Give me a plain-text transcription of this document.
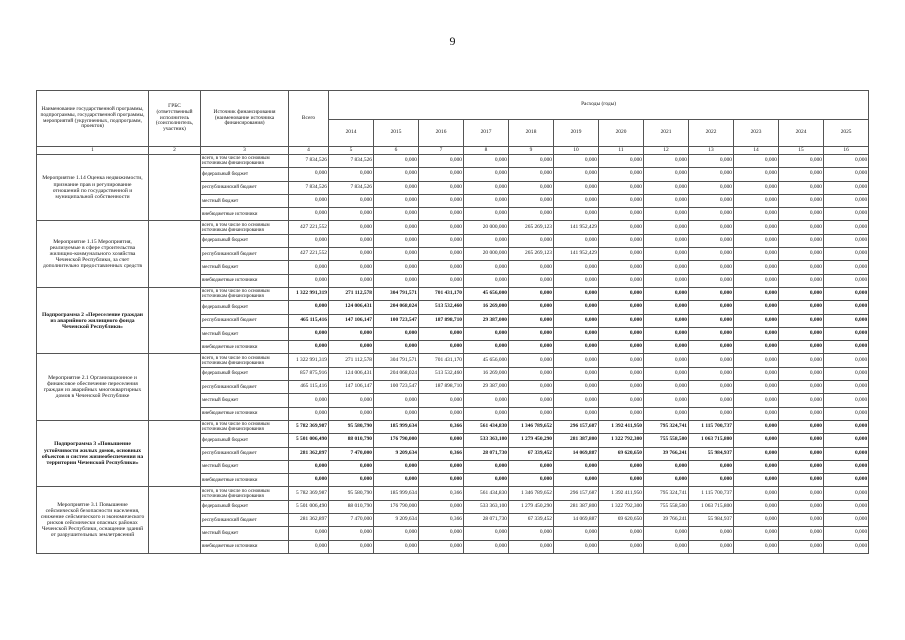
9
Наименование государственной программы, подпрограммы, государственной программы, мероприятий (укрупненных, подпрограмм, проектов)	ГРБС (ответственный исполнитель (соисполнитель, участник)	Источник финансирования (наименование источника финансирования)	Всего	Расходы (годы)											
				2014	2015	2016	2017	2018	2019	2020	2021	2022	2023	2024	2025
1	2	3	4	5	6	7	8	9	10	11	12	13	14	15	16
Мероприятие 1.14 Оценка недвижимости, признание прав и регулирование отношений по государственной и муниципальной собственности		всего, в том числе по основным источникам финансирования	7 834,526	7 834,526	0,000	0,000	0,000	0,000	0,000	0,000	0,000	0,000	0,000	0,000	0,000
		федеральный бюджет	0,000	0,000	0,000	0,000	0,000	0,000	0,000	0,000	0,000	0,000	0,000	0,000	0,000
		республиканский бюджет	7 834,526	7 834,526	0,000	0,000	0,000	0,000	0,000	0,000	0,000	0,000	0,000	0,000	0,000
		местный бюджет	0,000	0,000	0,000	0,000	0,000	0,000	0,000	0,000	0,000	0,000	0,000	0,000	0,000
		внебюджетные источники	0,000	0,000	0,000	0,000	0,000	0,000	0,000	0,000	0,000	0,000	0,000	0,000	0,000
Мероприятие 1.15 Мероприятия, реализуемые в сфере строительства жилищно-коммунального хозяйства Чеченской Республики, за счет дополнительно предоставленных средств		всего, в том числе по основным источникам финансирования	427 221,552	0,000	0,000	0,000	20 000,000	265 269,123	141 952,429	0,000	0,000	0,000	0,000	0,000	0,000
		федеральный бюджет	0,000	0,000	0,000	0,000	0,000	0,000	0,000	0,000	0,000	0,000	0,000	0,000	0,000
		республиканский бюджет	427 221,552	0,000	0,000	0,000	20 000,000	265 269,123	141 952,429	0,000	0,000	0,000	0,000	0,000	0,000
		местный бюджет	0,000	0,000	0,000	0,000	0,000	0,000	0,000	0,000	0,000	0,000	0,000	0,000	0,000
		внебюджетные источники	0,000	0,000	0,000	0,000	0,000	0,000	0,000	0,000	0,000	0,000	0,000	0,000	0,000
Подпрограмма 2 «Переселение граждан из аварийного жилищного фонда Чеченской Республики»		всего, в том числе по основным источникам финансирования	1 322 991,319	271 112,578	304 791,571	701 431,170	45 656,000	0,000	0,000	0,000	0,000	0,000	0,000	0,000	0,000
		федеральный бюджет	0,000	124 006,431	204 068,024	513 532,460	16 269,000	0,000	0,000	0,000	0,000	0,000	0,000	0,000	0,000
		республиканский бюджет	465 115,416	147 106,147	100 723,547	187 898,710	29 387,000	0,000	0,000	0,000	0,000	0,000	0,000	0,000	0,000
		местный бюджет	0,000	0,000	0,000	0,000	0,000	0,000	0,000	0,000	0,000	0,000	0,000	0,000	0,000
		внебюджетные источники	0,000	0,000	0,000	0,000	0,000	0,000	0,000	0,000	0,000	0,000	0,000	0,000	0,000
Мероприятие 2.1 Организационное и финансовое обеспечение переселения граждан из аварийных многоквартирных домов в Чеченской Республике		всего, в том числе по основным источникам финансирования	1 322 991,319	271 112,578	304 791,571	701 431,170	45 656,000	0,000	0,000	0,000	0,000	0,000	0,000	0,000	0,000
		федеральный бюджет	857 875,916	124 006,431	204 068,024	513 532,460	16 269,000	0,000	0,000	0,000	0,000	0,000	0,000	0,000	0,000
		республиканский бюджет	465 115,416	147 106,147	100 723,547	187 898,710	29 387,000	0,000	0,000	0,000	0,000	0,000	0,000	0,000	0,000
		местный бюджет	0,000	0,000	0,000	0,000	0,000	0,000	0,000	0,000	0,000	0,000	0,000	0,000	0,000
		внебюджетные источники	0,000	0,000	0,000	0,000	0,000	0,000	0,000	0,000	0,000	0,000	0,000	0,000	0,000
Подпрограмма 3 «Повышение устойчивости жилых домов, основных объектов и систем жизнеобеспечения на территории Чеченской Республики»		всего, в том числе по основным источникам финансирования	5 782 369,987	95 580,790	185 999,634	0,366	561 434,830	1 346 789,652	296 157,687	1 392 411,950	795 324,741	1 115 700,737	0,000	0,000	0,000
		федеральный бюджет	5 501 006,490	88 010,790	176 790,000	0,000	533 363,100	1 279 450,290	281 387,800	1 322 792,300	755 558,500	1 063 715,800	0,000	0,000	0,000
		республиканский бюджет	281 362,897	7 470,000	9 209,634	0,366	28 071,730	67 339,452	14 069,887	69 620,650	39 766,241	55 984,937	0,000	0,000	0,000
		местный бюджет	0,000	0,000	0,000	0,000	0,000	0,000	0,000	0,000	0,000	0,000	0,000	0,000	0,000
		внебюджетные источники	0,000	0,000	0,000	0,000	0,000	0,000	0,000	0,000	0,000	0,000	0,000	0,000	0,000
Мероприятие 3.1 Повышение сейсмической безопасности населения, снижение сейсмического и экономического рисков сейсмически опасных районах Чеченской Республики, оснащение зданий от разрушительных землетрясений		всего, в том числе по основным источникам финансирования	5 782 369,987	95 580,790	185 999,634	0,366	561 434,830	1 346 789,652	296 157,687	1 392 411,950	795 324,741	1 115 700,737	0,000	0,000	0,000
		федеральный бюджет	5 501 006,490	88 010,790	176 790,000	0,000	533 363,100	1 279 450,290	281 387,800	1 322 792,300	755 558,500	1 063 715,800	0,000	0,000	0,000
		республиканский бюджет	281 362,897	7 470,000	9 209,634	0,366	28 071,730	67 339,452	14 069,887	69 620,650	39 766,241	55 984,937	0,000	0,000	0,000
		местный бюджет	0,000	0,000	0,000	0,000	0,000	0,000	0,000	0,000	0,000	0,000	0,000	0,000	0,000
		внебюджетные источники	0,000	0,000	0,000	0,000	0,000	0,000	0,000	0,000	0,000	0,000	0,000	0,000	0,000
